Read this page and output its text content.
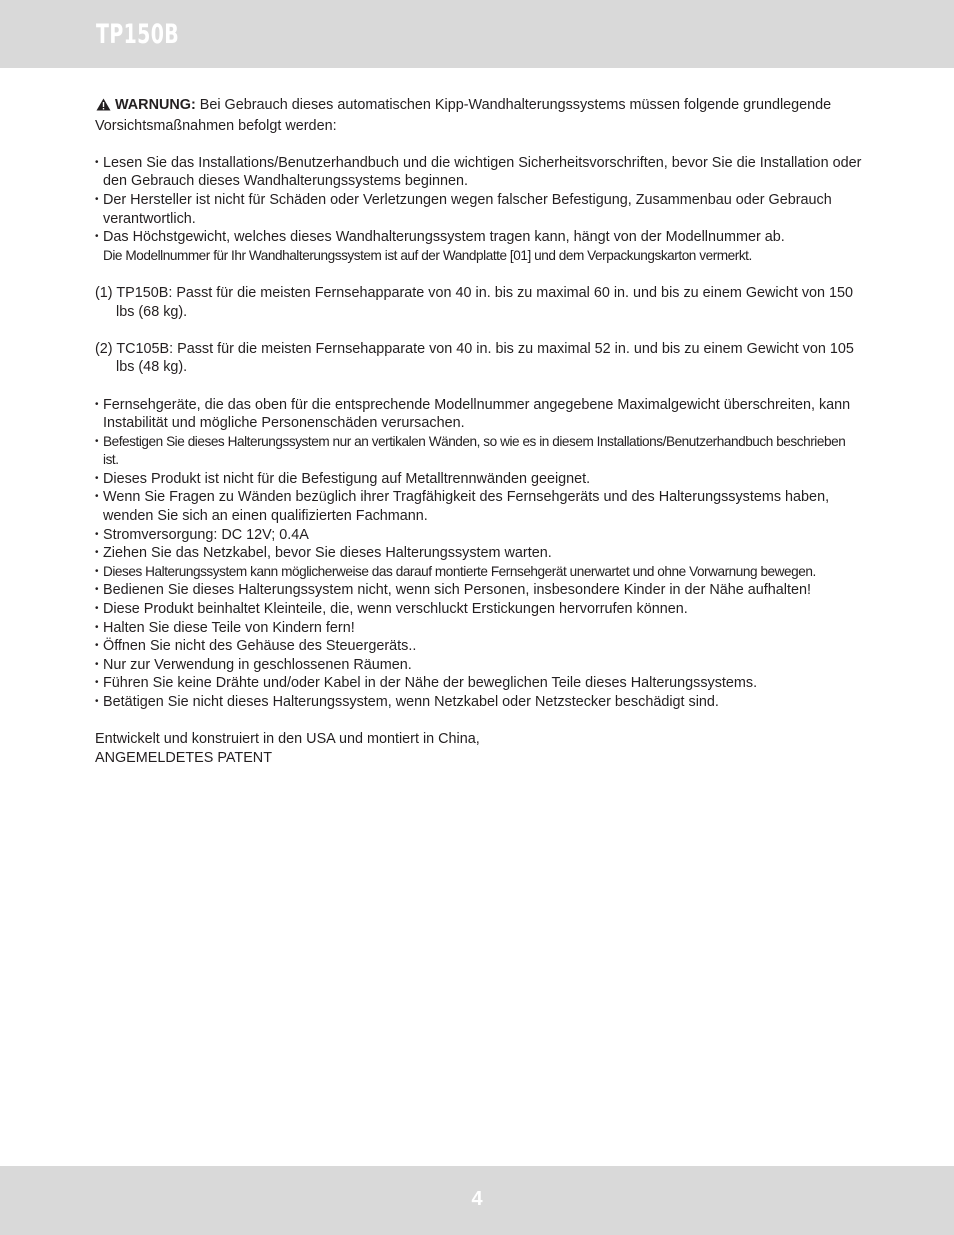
TP150B

WARNUNG: Bei Gebrauch dieses automatischen Kipp-Wandhalterungssystems müssen folgende grundlegende Vorsichtsmaßnahmen befolgt werden:

• Lesen Sie das Installations/Benutzerhandbuch und die wichtigen Sicherheitsvorschriften, bevor Sie die Installation oder den Gebrauch dieses Wandhalterungssystems beginnen.

• Der Hersteller ist nicht für Schäden oder Verletzungen wegen falscher Befestigung, Zusammenbau oder Gebrauch verantwortlich.

• Das Höchstgewicht, welches dieses Wandhalterungssystem tragen kann, hängt von der Modellnummer ab.

Die Modellnummer für Ihr Wandhalterungssystem ist auf der Wandplatte [01] und dem Verpackungskarton vermerkt.

(1) TP150B: Passt für die meisten Fernsehapparate von 40 in. bis zu maximal 60 in. und bis zu einem Gewicht von 150 lbs (68 kg).

(2) TC105B: Passt für die meisten Fernsehapparate von 40 in. bis zu maximal 52 in. und bis zu einem Gewicht von 105 lbs (48 kg).

• Fernsehgeräte, die das oben für die entsprechende Modellnummer angegebene Maximalgewicht überschreiten, kann Instabilität und mögliche Personenschäden verursachen.

• Befestigen Sie dieses Halterungssystem nur an vertikalen Wänden, so wie es in diesem Installations/Benutzerhandbuch beschrieben ist.

• Dieses Produkt ist nicht für die Befestigung auf Metalltrennwänden geeignet.

• Wenn Sie Fragen zu Wänden bezüglich ihrer Tragfähigkeit des Fernsehgeräts und des Halterungssystems haben, wenden Sie sich an einen qualifizierten Fachmann.

• Stromversorgung: DC 12V; 0.4A

• Ziehen Sie das Netzkabel, bevor Sie dieses Halterungssystem warten.

• Dieses Halterungssystem kann möglicherweise das darauf montierte Fernsehgerät unerwartet und ohne Vorwarnung bewegen.

• Bedienen Sie dieses Halterungssystem nicht, wenn sich Personen, insbesondere Kinder in der Nähe aufhalten!

• Diese Produkt beinhaltet Kleinteile, die, wenn verschluckt Erstickungen hervorrufen können.

• Halten Sie diese Teile von Kindern fern!

• Öffnen Sie nicht des Gehäuse des Steuergeräts..

• Nur zur Verwendung in geschlossenen Räumen.

• Führen Sie keine Drähte und/oder Kabel in der Nähe der beweglichen Teile dieses Halterungssystems.

• Betätigen Sie nicht dieses Halterungssystem, wenn Netzkabel oder Netzstecker beschädigt sind.

Entwickelt und konstruiert in den USA und montiert in China,
ANGEMELDETES PATENT
4
